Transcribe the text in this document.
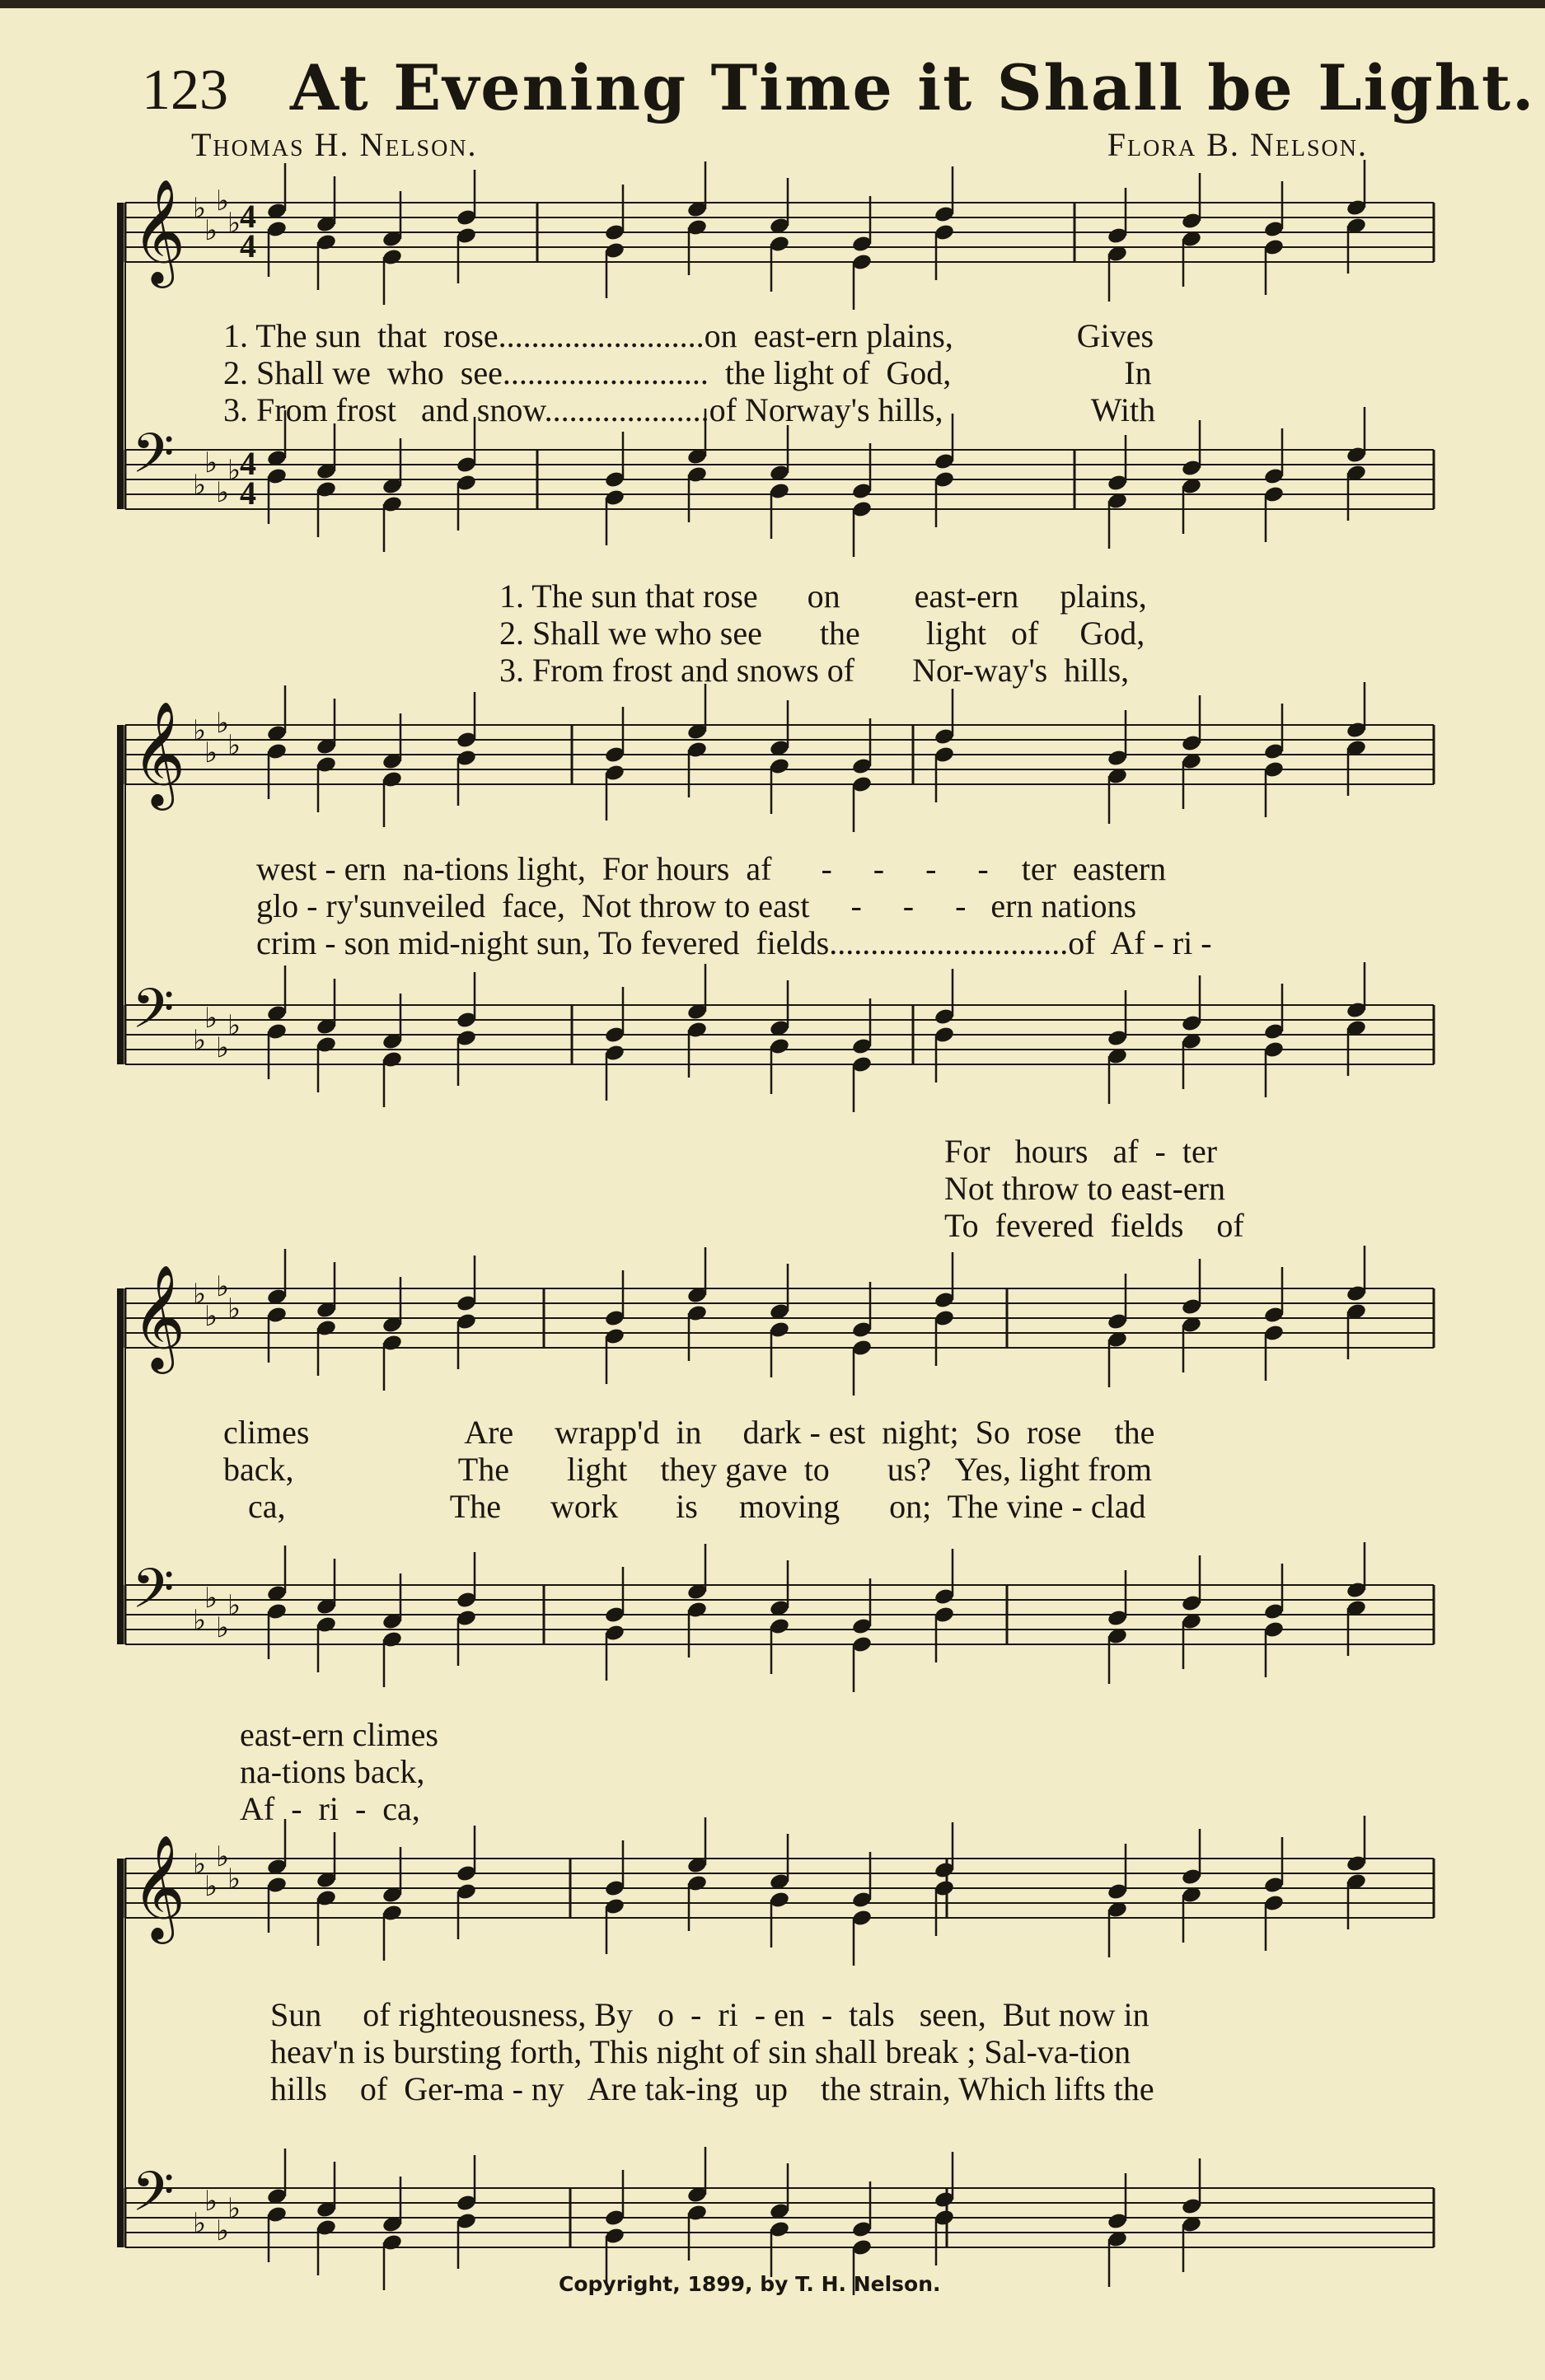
123 At Evening Time it Shall be Light.
Thomas H. Nelson.	Flora B. Nelson.
𝄞 ♭
♭
♭
♭
𝄢 ♭
♭
♭
♭
4
4
4
4
1. The sun  that  rose.........................on  east-ern plains,               Gives
2. Shall we  who  see.........................  the light of  God,                     In
3. From frost   and snow....................of Norway's hills,                  With
1. The sun that rose      on         east-ern     plains,
2. Shall we who see       the        light   of     God,
3. From frost and snows of       Nor-way's  hills,
𝄞 ♭
♭
♭
♭
𝄢 ♭
♭
♭
♭
west - ern  na-tions light,  For hours  af      -     -     -     -    ter  eastern
glo - ry'sunveiled  face,  Not throw to east     -     -     -   ern nations
crim - son mid-night sun, To fevered  fields.............................of  Af - ri -
For   hours   af  -  ter
Not throw to east-ern
To  fevered  fields    of
𝄞 ♭
♭
♭
♭
𝄢 ♭
♭
♭
♭
climes                   Are     wrapp'd  in     dark - est  night;  So  rose    the
back,                    The       light    they gave  to       us?   Yes, light from
ca,                    The      work       is     moving      on;  The vine - clad
east-ern climes
na-tions back,
Af  -  ri  -  ca,
𝄞 ♭
♭
♭
♭
𝄢 ♭
♭
♭
♭
Sun     of righteousness, By   o  -  ri  - en  -  tals   seen,  But now in
heav'n is bursting forth, This night of sin shall break ; Sal-va-tion
hills    of  Ger-ma - ny   Are tak-ing  up    the strain, Which lifts the
Copyright, 1899, by T. H. Nelson.
